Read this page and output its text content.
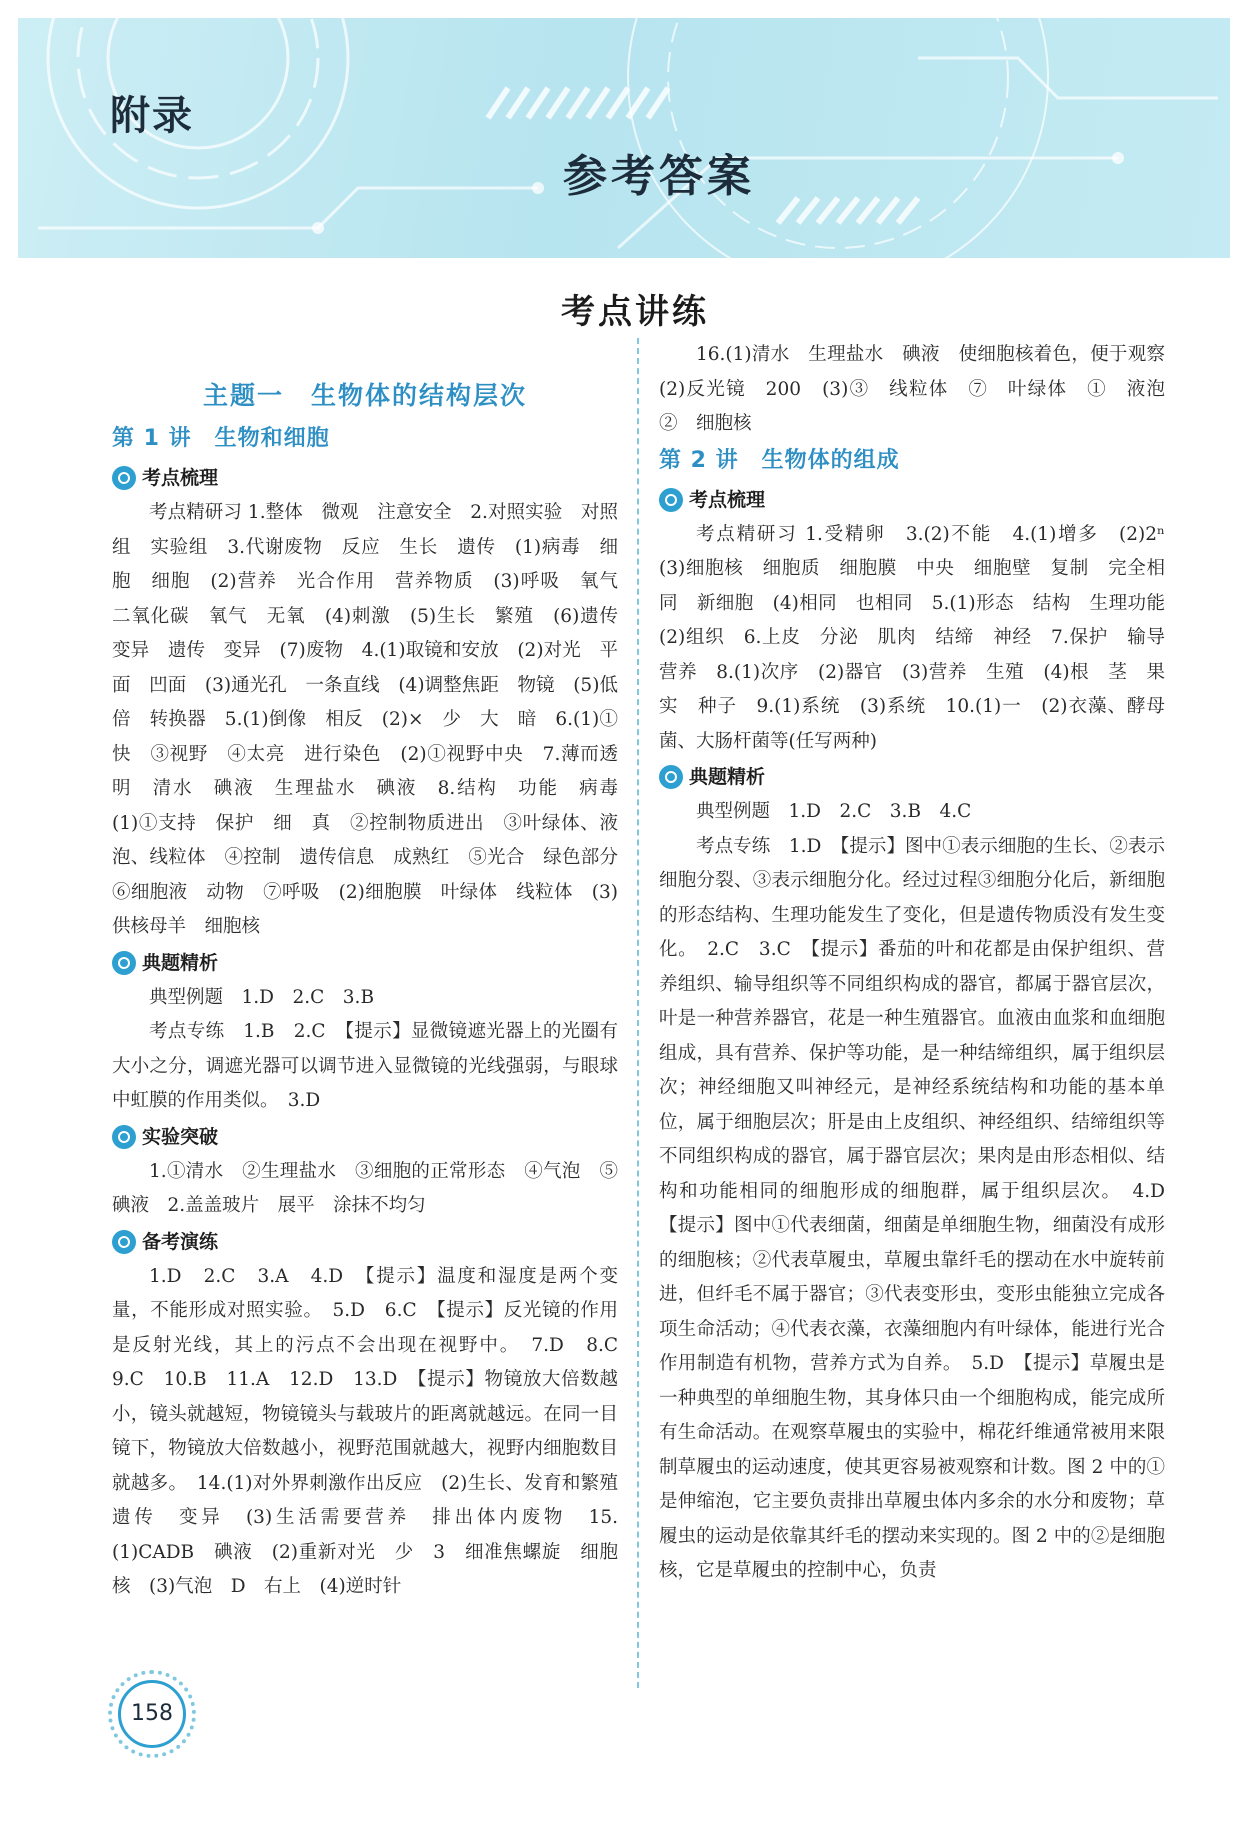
附录
参考答案
考点讲练
主题一　生物体的结构层次
第 1 讲　生物和细胞
考点梳理

考点精研习 1.整体　微观　注意安全　2.对照实验　对照组　实验组　3.代谢废物　反应　生长　遗传　(1)病毒　细胞　细胞　(2)营养　光合作用　营养物质　(3)呼吸　氧气　二氧化碳　氧气　无氧　(4)刺激　(5)生长　繁殖　(6)遗传　变异　遗传　变异　(7)废物　4.(1)取镜和安放　(2)对光　平面　凹面　(3)通光孔　一条直线　(4)调整焦距　物镜　(5)低倍　转换器　5.(1)倒像　相反　(2)×　少　大　暗　6.(1)①快　③视野　④太亮　进行染色　(2)①视野中央　7.薄而透明　清水　碘液　生理盐水　碘液　8.结构　功能　病毒　(1)①支持　保护　细　真　②控制物质进出　③叶绿体、液泡、线粒体　④控制　遗传信息　成熟红　⑤光合　绿色部分　⑥细胞液　动物　⑦呼吸　(2)细胞膜　叶绿体　线粒体　(3)供核母羊　细胞核

典题精析

典型例题　1.D　2.C　3.B

考点专练　1.B　2.C　【提示】显微镜遮光器上的光圈有大小之分，调遮光器可以调节进入显微镜的光线强弱，与眼球中虹膜的作用类似。　3.D

实验突破

1.①清水　②生理盐水　③细胞的正常形态　④气泡　⑤碘液　2.盖盖玻片　展平　涂抹不均匀

备考演练

1.D　2.C　3.A　4.D　【提示】温度和湿度是两个变量，不能形成对照实验。　5.D　6.C　【提示】反光镜的作用是反射光线，其上的污点不会出现在视野中。　7.D　8.C　9.C　10.B　11.A　12.D　13.D　【提示】物镜放大倍数越小，镜头就越短，物镜镜头与载玻片的距离就越远。在同一目镜下，物镜放大倍数越小，视野范围就越大，视野内细胞数目就越多。　14.(1)对外界刺激作出反应　(2)生长、发育和繁殖　遗传　变异　(3)生活需要营养　排出体内废物　15.(1)CADB　碘液　(2)重新对光　少　3　细准焦螺旋　细胞核　(3)气泡　D　右上　(4)逆时针

16.(1)清水　生理盐水　碘液　使细胞核着色，便于观察　(2)反光镜　200　(3)③　线粒体　⑦　叶绿体　①　液泡　②　细胞核

第 2 讲　生物体的组成
考点梳理

考点精研习 1.受精卵　3.(2)不能　4.(1)增多　(2)2ⁿ　(3)细胞核　细胞质　细胞膜　中央　细胞壁　复制　完全相同　新细胞　(4)相同　也相同　5.(1)形态　结构　生理功能　(2)组织　6.上皮　分泌　肌肉　结缔　神经　7.保护　输导　营养　8.(1)次序　(2)器官　(3)营养　生殖　(4)根　茎　果实　种子　9.(1)系统　(3)系统　10.(1)一　(2)衣藻、酵母菌、大肠杆菌等(任写两种)

典题精析

典型例题　1.D　2.C　3.B　4.C

考点专练　1.D　【提示】图中①表示细胞的生长、②表示细胞分裂、③表示细胞分化。经过过程③细胞分化后，新细胞的形态结构、生理功能发生了变化，但是遗传物质没有发生变化。　2.C　3.C　【提示】番茄的叶和花都是由保护组织、营养组织、输导组织等不同组织构成的器官，都属于器官层次，叶是一种营养器官，花是一种生殖器官。血液由血浆和血细胞组成，具有营养、保护等功能，是一种结缔组织，属于组织层次；神经细胞又叫神经元，是神经系统结构和功能的基本单位，属于细胞层次；肝是由上皮组织、神经组织、结缔组织等不同组织构成的器官，属于器官层次；果肉是由形态相似、结构和功能相同的细胞形成的细胞群，属于组织层次。　4.D　【提示】图中①代表细菌，细菌是单细胞生物，细菌没有成形的细胞核；②代表草履虫，草履虫靠纤毛的摆动在水中旋转前进，但纤毛不属于器官；③代表变形虫，变形虫能独立完成各项生命活动；④代表衣藻，衣藻细胞内有叶绿体，能进行光合作用制造有机物，营养方式为自养。　5.D　【提示】草履虫是一种典型的单细胞生物，其身体只由一个细胞构成，能完成所有生命活动。在观察草履虫的实验中，棉花纤维通常被用来限制草履虫的运动速度，使其更容易被观察和计数。图 2 中的①是伸缩泡，它主要负责排出草履虫体内多余的水分和废物；草履虫的运动是依靠其纤毛的摆动来实现的。图 2 中的②是细胞核，它是草履虫的控制中心，负责

158
